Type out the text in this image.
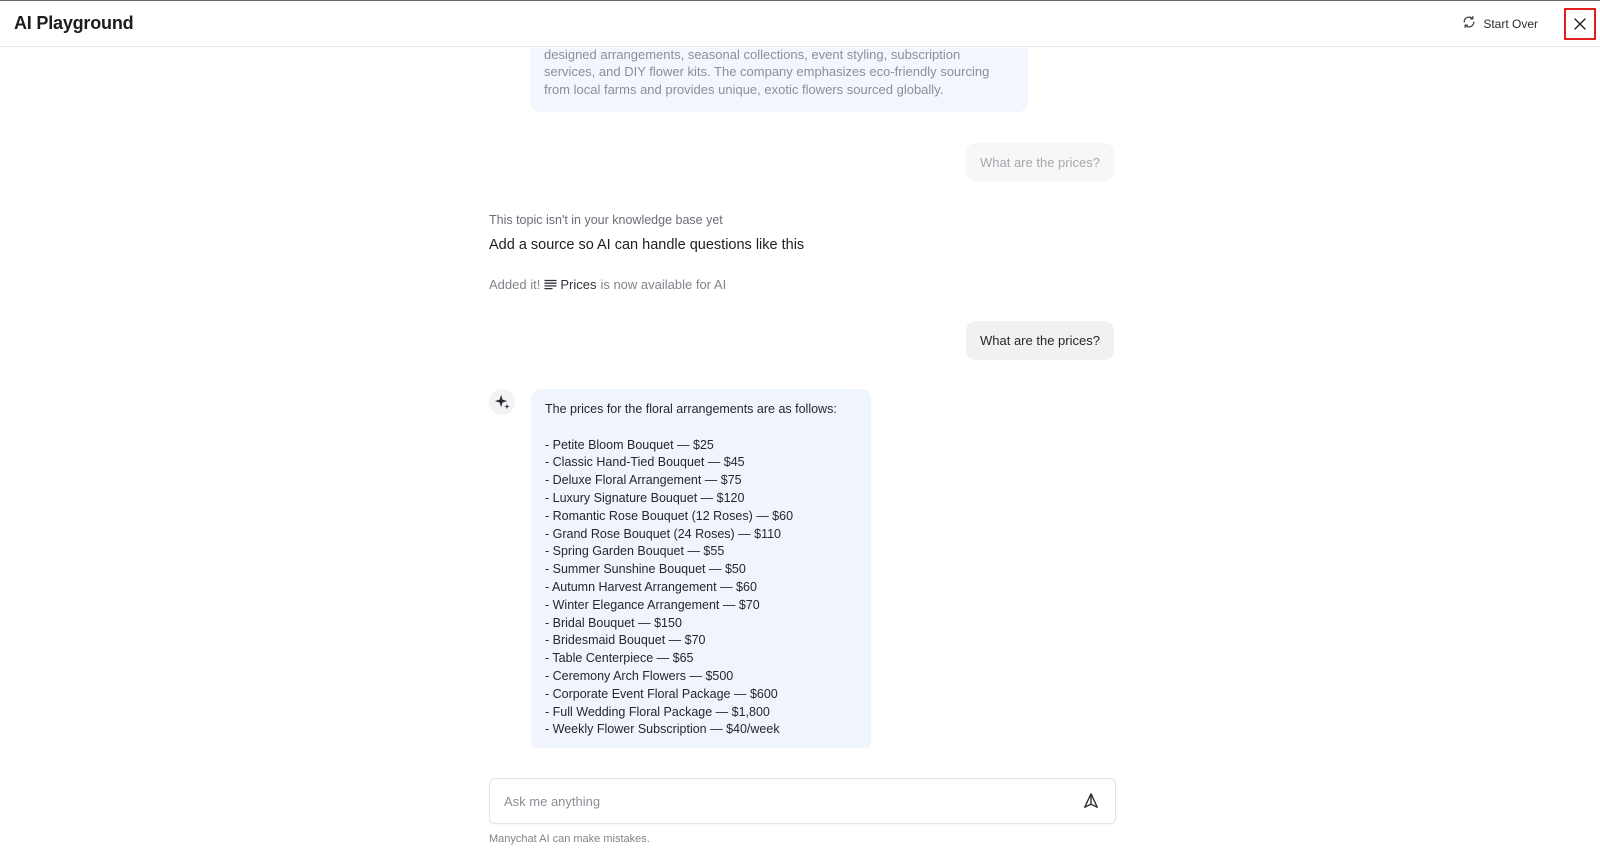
AI Playground	Start Over

designed arrangements, seasonal collections, event styling, subscription services, and DIY flower kits. The company emphasizes eco-friendly sourcing from local farms and provides unique, exotic flowers sourced globally.

What are the prices?
This topic isn't in your knowledge base yet
Add a source so AI can handle questions like this
Added it! Prices is now available for AI
What are the prices?

The prices for the floral arrangements are as follows:

- Petite Bloom Bouquet — $25
- Classic Hand-Tied Bouquet — $45
- Deluxe Floral Arrangement — $75
- Luxury Signature Bouquet — $120
- Romantic Rose Bouquet (12 Roses) — $60
- Grand Rose Bouquet (24 Roses) — $110
- Spring Garden Bouquet — $55
- Summer Sunshine Bouquet — $50
- Autumn Harvest Arrangement — $60
- Winter Elegance Arrangement — $70
- Bridal Bouquet — $150
- Bridesmaid Bouquet — $70
- Table Centerpiece — $65
- Ceremony Arch Flowers — $500
- Corporate Event Floral Package — $600
- Full Wedding Floral Package — $1,800
- Weekly Flower Subscription — $40/week
Ask me anything
Manychat AI can make mistakes.
